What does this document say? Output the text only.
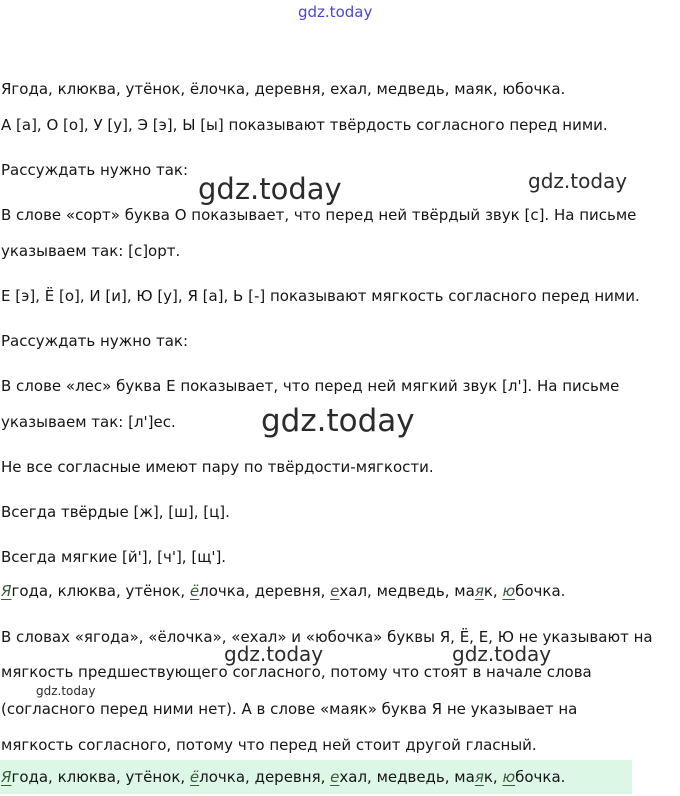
gdz.today
gdz.today	gdz.today
gdz.today
gdz.today	gdz.today
gdz.today

Ягода, клюква, утёнок, ёлочка, деревня, ехал, медведь, маяк, юбочка.

А [а], О [о], У [у], Э [э], Ы [ы] показывают твёрдость согласного перед ними.

Рассуждать нужно так:

В слове «сорт» буква О показывает, что перед ней твёрдый звук [с]. На письме

указываем так: [с]орт.

Е [э], Ё [о], И [и], Ю [у], Я [а], Ь [-] показывают мягкость согласного перед ними.

Рассуждать нужно так:

В слове «лес» буква Е показывает, что перед ней мягкий звук [л']. На письме

указываем так: [л']ес.

Не все согласные имеют пару по твёрдости-мягкости.

Всегда твёрдые [ж], [ш], [ц].

Всегда мягкие [й'], [ч'], [щ'].

Ягода, клюква, утёнок, ёлочка, деревня, ехал, медведь, маяк, юбочка.

В словах «ягода», «ёлочка», «ехал» и «юбочка» буквы Я, Ё, Е, Ю не указывают на

мягкость предшествующего согласного, потому что стоят в начале слова

(согласного перед ними нет). А в слове «маяк» буква Я не указывает на

мягкость согласного, потому что перед ней стоит другой гласный.

Ягода, клюква, утёнок, ёлочка, деревня, ехал, медведь, маяк, юбочка.
